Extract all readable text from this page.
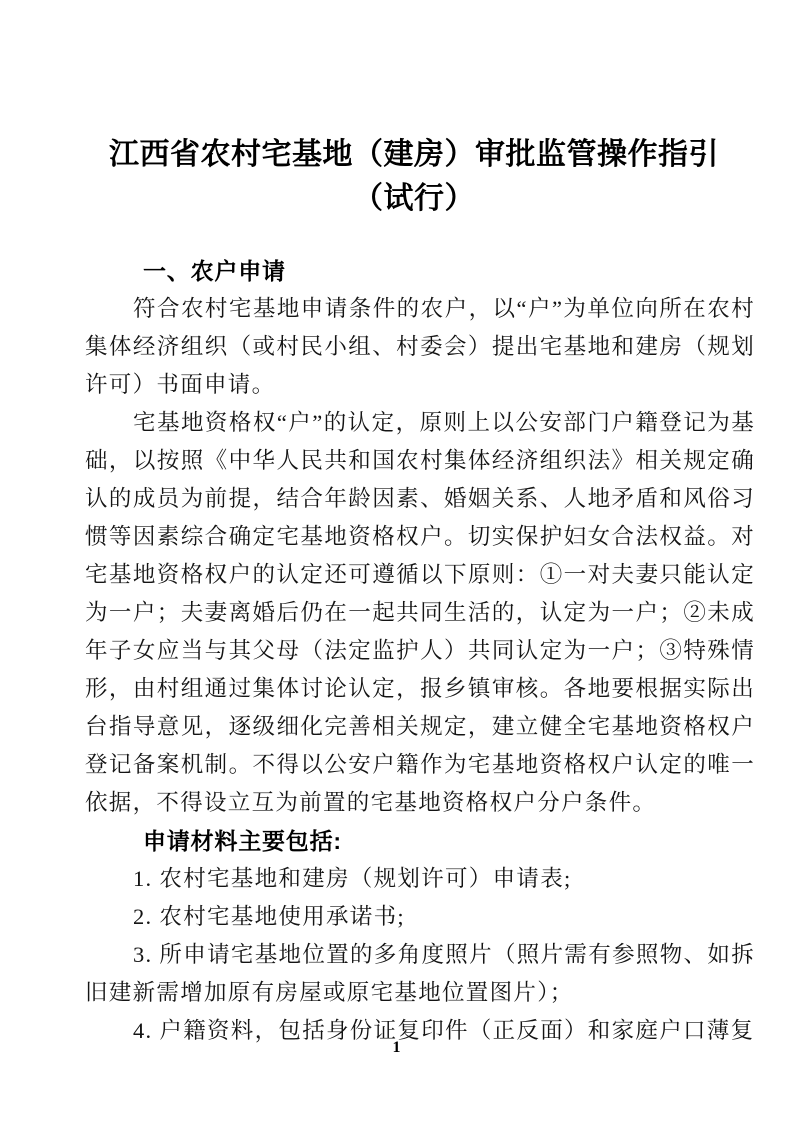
江西省农村宅基地（建房）审批监管操作指引
（试行）
一、农户申请
符合农村宅基地申请条件的农户，以“户”为单位向所在农村集体经济组织（或村民小组、村委会）提出宅基地和建房（规划许可）书面申请。
宅基地资格权“户”的认定，原则上以公安部门户籍登记为基础，以按照《中华人民共和国农村集体经济组织法》相关规定确认的成员为前提，结合年龄因素、婚姻关系、人地矛盾和风俗习惯等因素综合确定宅基地资格权户。切实保护妇女合法权益。对宅基地资格权户的认定还可遵循以下原则：①一对夫妻只能认定为一户；夫妻离婚后仍在一起共同生活的，认定为一户；②未成年子女应当与其父母（法定监护人）共同认定为一户；③特殊情形，由村组通过集体讨论认定，报乡镇审核。各地要根据实际出台指导意见，逐级细化完善相关规定，建立健全宅基地资格权户登记备案机制。不得以公安户籍作为宅基地资格权户认定的唯一依据，不得设立互为前置的宅基地资格权户分户条件。
申请材料主要包括:
1. 农村宅基地和建房（规划许可）申请表;
2. 农村宅基地使用承诺书;
3. 所申请宅基地位置的多角度照片（照片需有参照物、如拆旧建新需增加原有房屋或原宅基地位置图片）；
4. 户籍资料，包括身份证复印件（正反面）和家庭户口薄复
1
